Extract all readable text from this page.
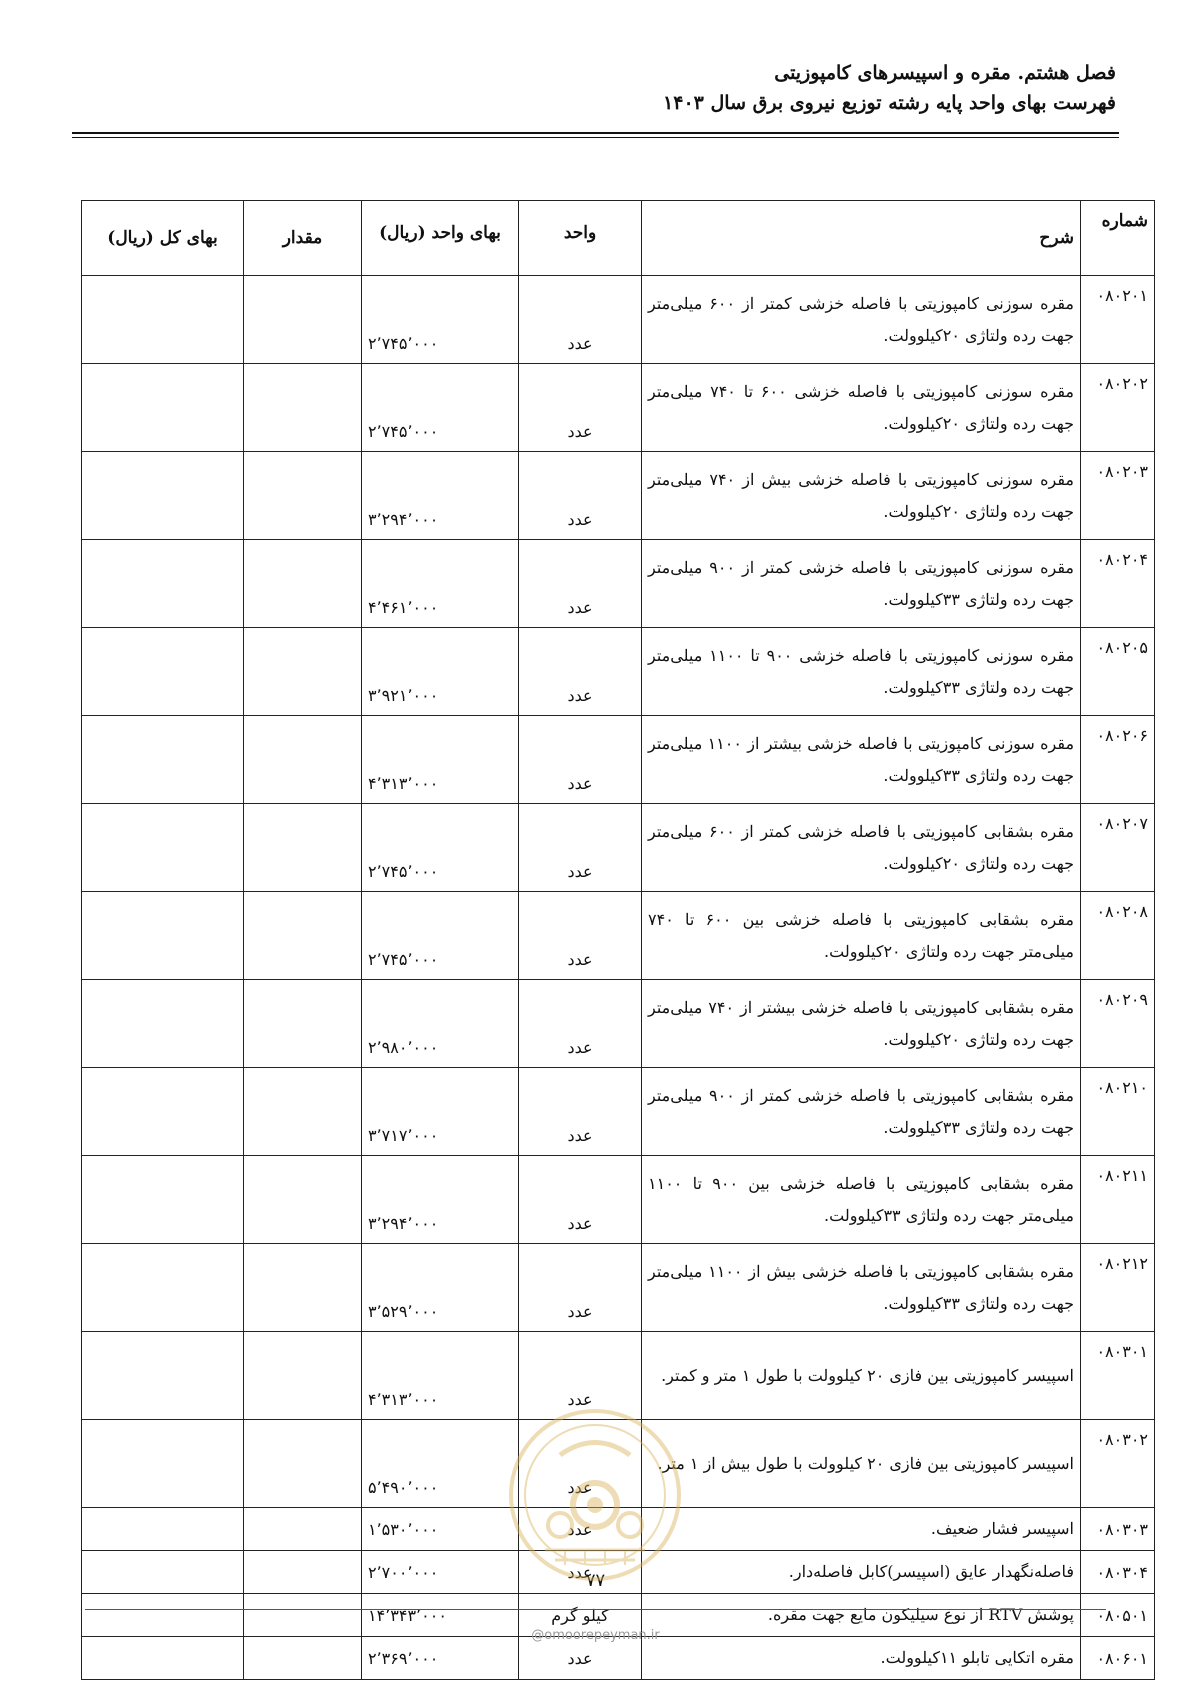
فصل هشتم. مقره و اسپیسرهای کامپوزیتی
فهرست بهای واحد پایه رشته توزیع نیروی برق سال ۱۴۰۳
شماره	شرح	واحد	بهای واحد (ریال)	مقدار	بهای کل (ریال)
۰۸۰۲۰۱	مقره سوزنی کامپوزیتی با فاصله خزشی کمتر از ۶۰۰ میلی‌متر جهت رده ولتاژی ۲۰کیلوولت.	عدد	۲٬۷۴۵٬۰۰۰		
۰۸۰۲۰۲	مقره سوزنی کامپوزیتی با فاصله خزشی ۶۰۰ تا ۷۴۰ میلی‌متر جهت رده ولتاژی ۲۰کیلوولت.	عدد	۲٬۷۴۵٬۰۰۰		
۰۸۰۲۰۳	مقره سوزنی کامپوزیتی با فاصله خزشی بیش از ۷۴۰ میلی‌متر جهت رده ولتاژی ۲۰کیلوولت.	عدد	۳٬۲۹۴٬۰۰۰		
۰۸۰۲۰۴	مقره سوزنی کامپوزیتی با فاصله خزشی کمتر از ۹۰۰ میلی‌متر جهت رده ولتاژی ۳۳کیلوولت.	عدد	۴٬۴۶۱٬۰۰۰		
۰۸۰۲۰۵	مقره سوزنی کامپوزیتی با فاصله خزشی ۹۰۰ تا ۱۱۰۰ میلی‌متر جهت رده ولتاژی ۳۳کیلوولت.	عدد	۳٬۹۲۱٬۰۰۰		
۰۸۰۲۰۶	مقره سوزنی کامپوزیتی با فاصله خزشی بیشتر از ۱۱۰۰ میلی‌متر جهت رده ولتاژی ۳۳کیلوولت.	عدد	۴٬۳۱۳٬۰۰۰		
۰۸۰۲۰۷	مقره بشقابی کامپوزیتی با فاصله خزشی کمتر از ۶۰۰ میلی‌متر جهت رده ولتاژی ۲۰کیلوولت.	عدد	۲٬۷۴۵٬۰۰۰		
۰۸۰۲۰۸	مقره بشقابی کامپوزیتی با فاصله خزشی بین ۶۰۰ تا ۷۴۰ میلی‌متر جهت رده ولتاژی ۲۰کیلوولت.	عدد	۲٬۷۴۵٬۰۰۰		
۰۸۰۲۰۹	مقره بشقابی کامپوزیتی با فاصله خزشی بیشتر از ۷۴۰ میلی‌متر جهت رده ولتاژی ۲۰کیلوولت.	عدد	۲٬۹۸۰٬۰۰۰		
۰۸۰۲۱۰	مقره بشقابی کامپوزیتی با فاصله خزشی کمتر از ۹۰۰ میلی‌متر جهت رده ولتاژی ۳۳کیلوولت.	عدد	۳٬۷۱۷٬۰۰۰		
۰۸۰۲۱۱	مقره بشقابی کامپوزیتی با فاصله خزشی بین ۹۰۰ تا ۱۱۰۰ میلی‌متر جهت رده ولتاژی ۳۳کیلوولت.	عدد	۳٬۲۹۴٬۰۰۰		
۰۸۰۲۱۲	مقره بشقابی کامپوزیتی با فاصله خزشی بیش از ۱۱۰۰ میلی‌متر جهت رده ولتاژی ۳۳کیلوولت.	عدد	۳٬۵۲۹٬۰۰۰		
۰۸۰۳۰۱	اسپیسر کامپوزیتی بین فازی ۲۰ کیلوولت با طول ۱ متر و کمتر.	عدد	۴٬۳۱۳٬۰۰۰		
۰۸۰۳۰۲	اسپیسر کامپوزیتی بین فازی ۲۰ کیلوولت با طول بیش از ۱ متر.	عدد	۵٬۴۹۰٬۰۰۰		
۰۸۰۳۰۳	اسپیسر فشار ضعیف.	عدد	۱٬۵۳۰٬۰۰۰		
۰۸۰۳۰۴	فاصله‌نگهدار عایق (اسپیسر)کابل فاصله‌دار.	عدد	۲٬۷۰۰٬۰۰۰		
۰۸۰۵۰۱	پوشش RTV از نوع سیلیکون مایع جهت مقره.	کیلو گرم	۱۴٬۳۴۳٬۰۰۰		
۰۸۰۶۰۱	مقره اتکایی تابلو ۱۱کیلوولت.	عدد	۲٬۳۶۹٬۰۰۰		
۷۷
@omoorepeyman.ir
